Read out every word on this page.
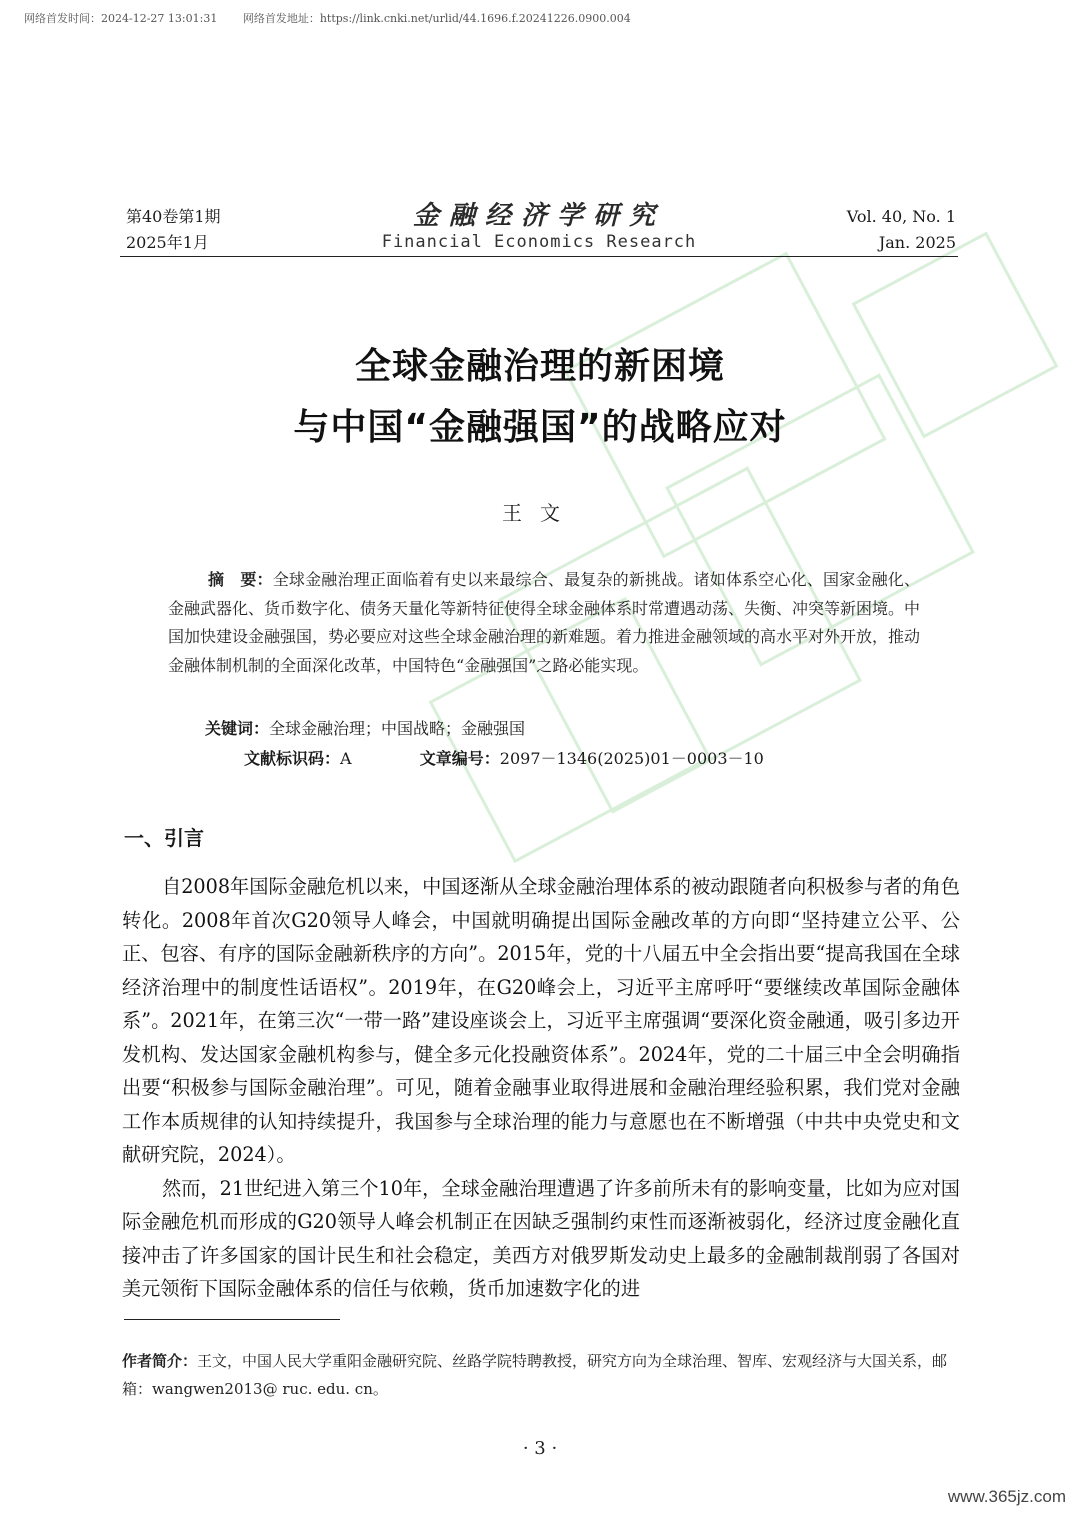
网络首发时间：2024-12-27 13:01:31 网络首发地址：https://link.cnki.net/urlid/44.1696.f.20241226.0900.004
第40卷第1期
2025年1月
金融经济学研究
Financial Economics Research
Vol. 40, No. 1
Jan. 2025
全球金融治理的新困境
与中国“金融强国”的战略应对
王文
摘　要：全球金融治理正面临着有史以来最综合、最复杂的新挑战。诸如体系空心化、国家金融化、金融武器化、货币数字化、债务天量化等新特征使得全球金融体系时常遭遇动荡、失衡、冲突等新困境。中国加快建设金融强国，势必要应对这些全球金融治理的新难题。着力推进金融领域的高水平对外开放，推动金融体制机制的全面深化改革，中国特色“金融强国”之路必能实现。
关键词：全球金融治理；中国战略；金融强国
文献标识码：A	文章编号：2097－1346(2025)01－0003－10
一、引言

自2008年国际金融危机以来，中国逐渐从全球金融治理体系的被动跟随者向积极参与者的角色转化。2008年首次G20领导人峰会，中国就明确提出国际金融改革的方向即“坚持建立公平、公正、包容、有序的国际金融新秩序的方向”。2015年，党的十八届五中全会指出要“提高我国在全球经济治理中的制度性话语权”。2019年，在G20峰会上，习近平主席呼吁“要继续改革国际金融体系”。2021年，在第三次“一带一路”建设座谈会上，习近平主席强调“要深化资金融通，吸引多边开发机构、发达国家金融机构参与，健全多元化投融资体系”。2024年，党的二十届三中全会明确指出要“积极参与国际金融治理”。可见，随着金融事业取得进展和金融治理经验积累，我们党对金融工作本质规律的认知持续提升，我国参与全球治理的能力与意愿也在不断增强（中共中央党史和文献研究院，2024）。

然而，21世纪进入第三个10年，全球金融治理遭遇了许多前所未有的影响变量，比如为应对国际金融危机而形成的G20领导人峰会机制正在因缺乏强制约束性而逐渐被弱化，经济过度金融化直接冲击了许多国家的国计民生和社会稳定，美西方对俄罗斯发动史上最多的金融制裁削弱了各国对美元领衔下国际金融体系的信任与依赖，货币加速数字化的进

作者简介：王文，中国人民大学重阳金融研究院、丝路学院特聘教授，研究方向为全球治理、智库、宏观经济与大国关系，邮箱：wangwen2013@ ruc. edu. cn。
· 3 ·
www.365jz.com
